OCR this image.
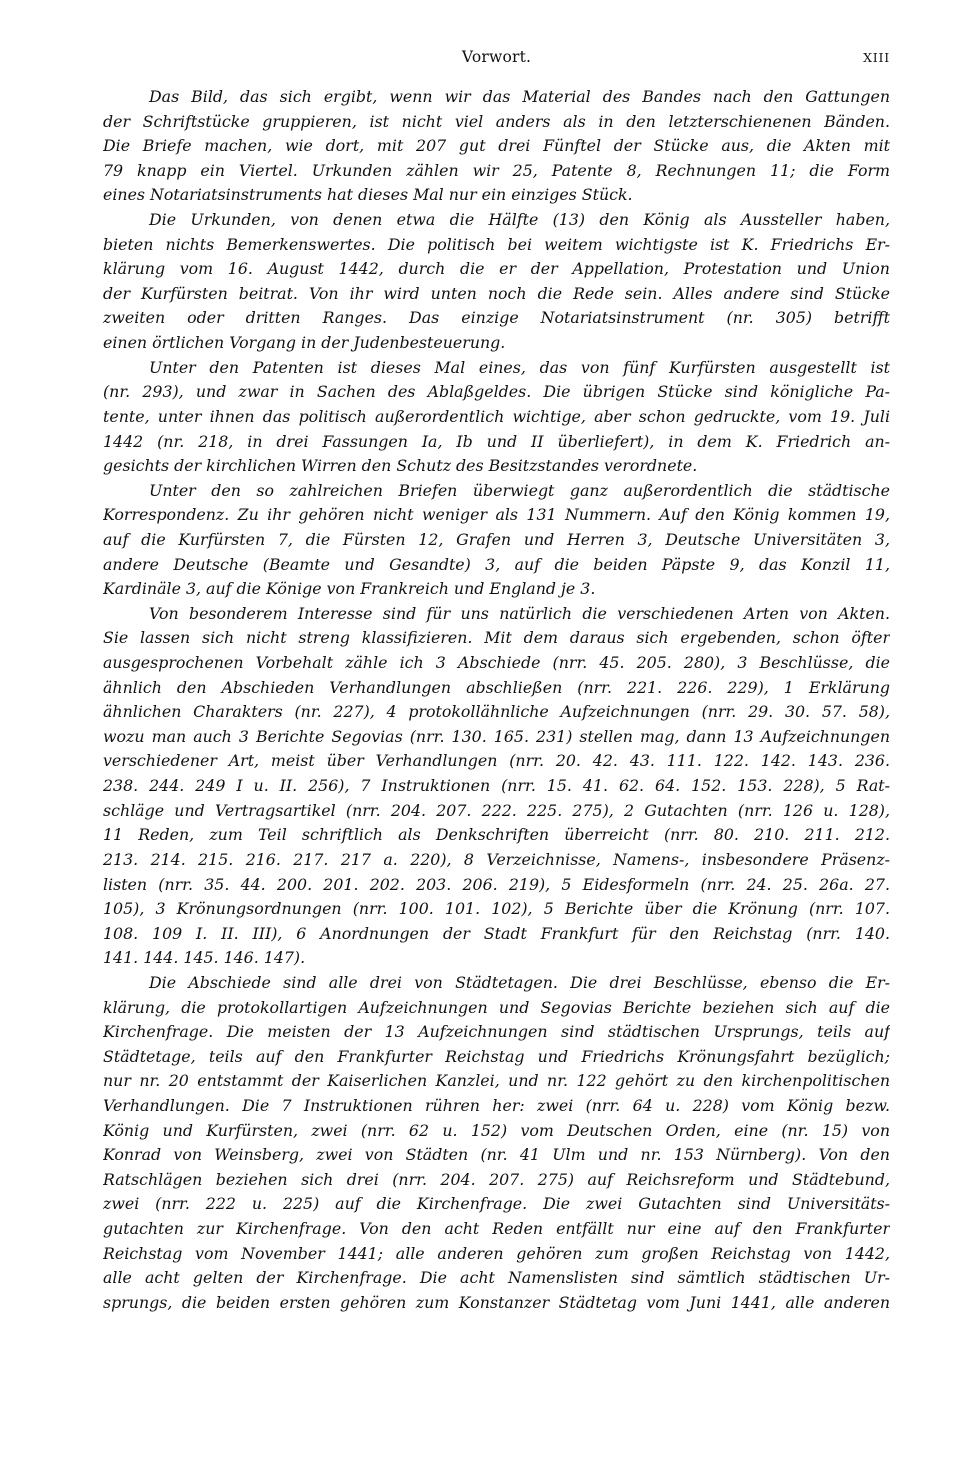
Vorwort.	XIII
Das Bild, das sich ergibt, wenn wir das Material des Bandes nach den Gattungen
der Schriftstücke gruppieren, ist nicht viel anders als in den letzterschienenen Bänden.
Die Briefe machen, wie dort, mit 207 gut drei Fünftel der Stücke aus, die Akten mit
79 knapp ein Viertel. Urkunden zählen wir 25, Patente 8, Rechnungen 11; die Form
eines Notariatsinstruments hat dieses Mal nur ein einziges Stück.
Die Urkunden, von denen etwa die Hälfte (13) den König als Aussteller haben,
bieten nichts Bemerkenswertes. Die politisch bei weitem wichtigste ist K. Friedrichs Er-
klärung vom 16. August 1442, durch die er der Appellation, Protestation und Union
der Kurfürsten beitrat. Von ihr wird unten noch die Rede sein. Alles andere sind Stücke
zweiten oder dritten Ranges. Das einzige Notariatsinstrument (nr. 305) betrifft
einen örtlichen Vorgang in der Judenbesteuerung.
Unter den Patenten ist dieses Mal eines, das von fünf Kurfürsten ausgestellt ist
(nr. 293), und zwar in Sachen des Ablaßgeldes. Die übrigen Stücke sind königliche Pa-
tente, unter ihnen das politisch außerordentlich wichtige, aber schon gedruckte, vom 19. Juli
1442 (nr. 218, in drei Fassungen Ia, Ib und II überliefert), in dem K. Friedrich an-
gesichts der kirchlichen Wirren den Schutz des Besitzstandes verordnete.
Unter den so zahlreichen Briefen überwiegt ganz außerordentlich die städtische
Korrespondenz. Zu ihr gehören nicht weniger als 131 Nummern. Auf den König kommen 19,
auf die Kurfürsten 7, die Fürsten 12, Grafen und Herren 3, Deutsche Universitäten 3,
andere Deutsche (Beamte und Gesandte) 3, auf die beiden Päpste 9, das Konzil 11,
Kardinäle 3, auf die Könige von Frankreich und England je 3.
Von besonderem Interesse sind für uns natürlich die verschiedenen Arten von Akten.
Sie lassen sich nicht streng klassifizieren. Mit dem daraus sich ergebenden, schon öfter
ausgesprochenen Vorbehalt zähle ich 3 Abschiede (nrr. 45. 205. 280), 3 Beschlüsse, die
ähnlich den Abschieden Verhandlungen abschließen (nrr. 221. 226. 229), 1 Erklärung
ähnlichen Charakters (nr. 227), 4 protokollähnliche Aufzeichnungen (nrr. 29. 30. 57. 58),
wozu man auch 3 Berichte Segovias (nrr. 130. 165. 231) stellen mag, dann 13 Aufzeichnungen
verschiedener Art, meist über Verhandlungen (nrr. 20. 42. 43. 111. 122. 142. 143. 236.
238. 244. 249 I u. II. 256), 7 Instruktionen (nrr. 15. 41. 62. 64. 152. 153. 228), 5 Rat-
schläge und Vertragsartikel (nrr. 204. 207. 222. 225. 275), 2 Gutachten (nrr. 126 u. 128),
11 Reden, zum Teil schriftlich als Denkschriften überreicht (nrr. 80. 210. 211. 212.
213. 214. 215. 216. 217. 217 a. 220), 8 Verzeichnisse, Namens-, insbesondere Präsenz-
listen (nrr. 35. 44. 200. 201. 202. 203. 206. 219), 5 Eidesformeln (nrr. 24. 25. 26a. 27.
105), 3 Krönungsordnungen (nrr. 100. 101. 102), 5 Berichte über die Krönung (nrr. 107.
108. 109 I. II. III), 6 Anordnungen der Stadt Frankfurt für den Reichstag (nrr. 140.
141. 144. 145. 146. 147).
Die Abschiede sind alle drei von Städtetagen. Die drei Beschlüsse, ebenso die Er-
klärung, die protokollartigen Aufzeichnungen und Segovias Berichte beziehen sich auf die
Kirchenfrage. Die meisten der 13 Aufzeichnungen sind städtischen Ursprungs, teils auf
Städtetage, teils auf den Frankfurter Reichstag und Friedrichs Krönungsfahrt bezüglich;
nur nr. 20 entstammt der Kaiserlichen Kanzlei, und nr. 122 gehört zu den kirchenpolitischen
Verhandlungen. Die 7 Instruktionen rühren her: zwei (nrr. 64 u. 228) vom König bezw.
König und Kurfürsten, zwei (nrr. 62 u. 152) vom Deutschen Orden, eine (nr. 15) von
Konrad von Weinsberg, zwei von Städten (nr. 41 Ulm und nr. 153 Nürnberg). Von den
Ratschlägen beziehen sich drei (nrr. 204. 207. 275) auf Reichsreform und Städtebund,
zwei (nrr. 222 u. 225) auf die Kirchenfrage. Die zwei Gutachten sind Universitäts-
gutachten zur Kirchenfrage. Von den acht Reden entfällt nur eine auf den Frankfurter
Reichstag vom November 1441; alle anderen gehören zum großen Reichstag von 1442,
alle acht gelten der Kirchenfrage. Die acht Namenslisten sind sämtlich städtischen Ur-
sprungs, die beiden ersten gehören zum Konstanzer Städtetag vom Juni 1441, alle anderen
